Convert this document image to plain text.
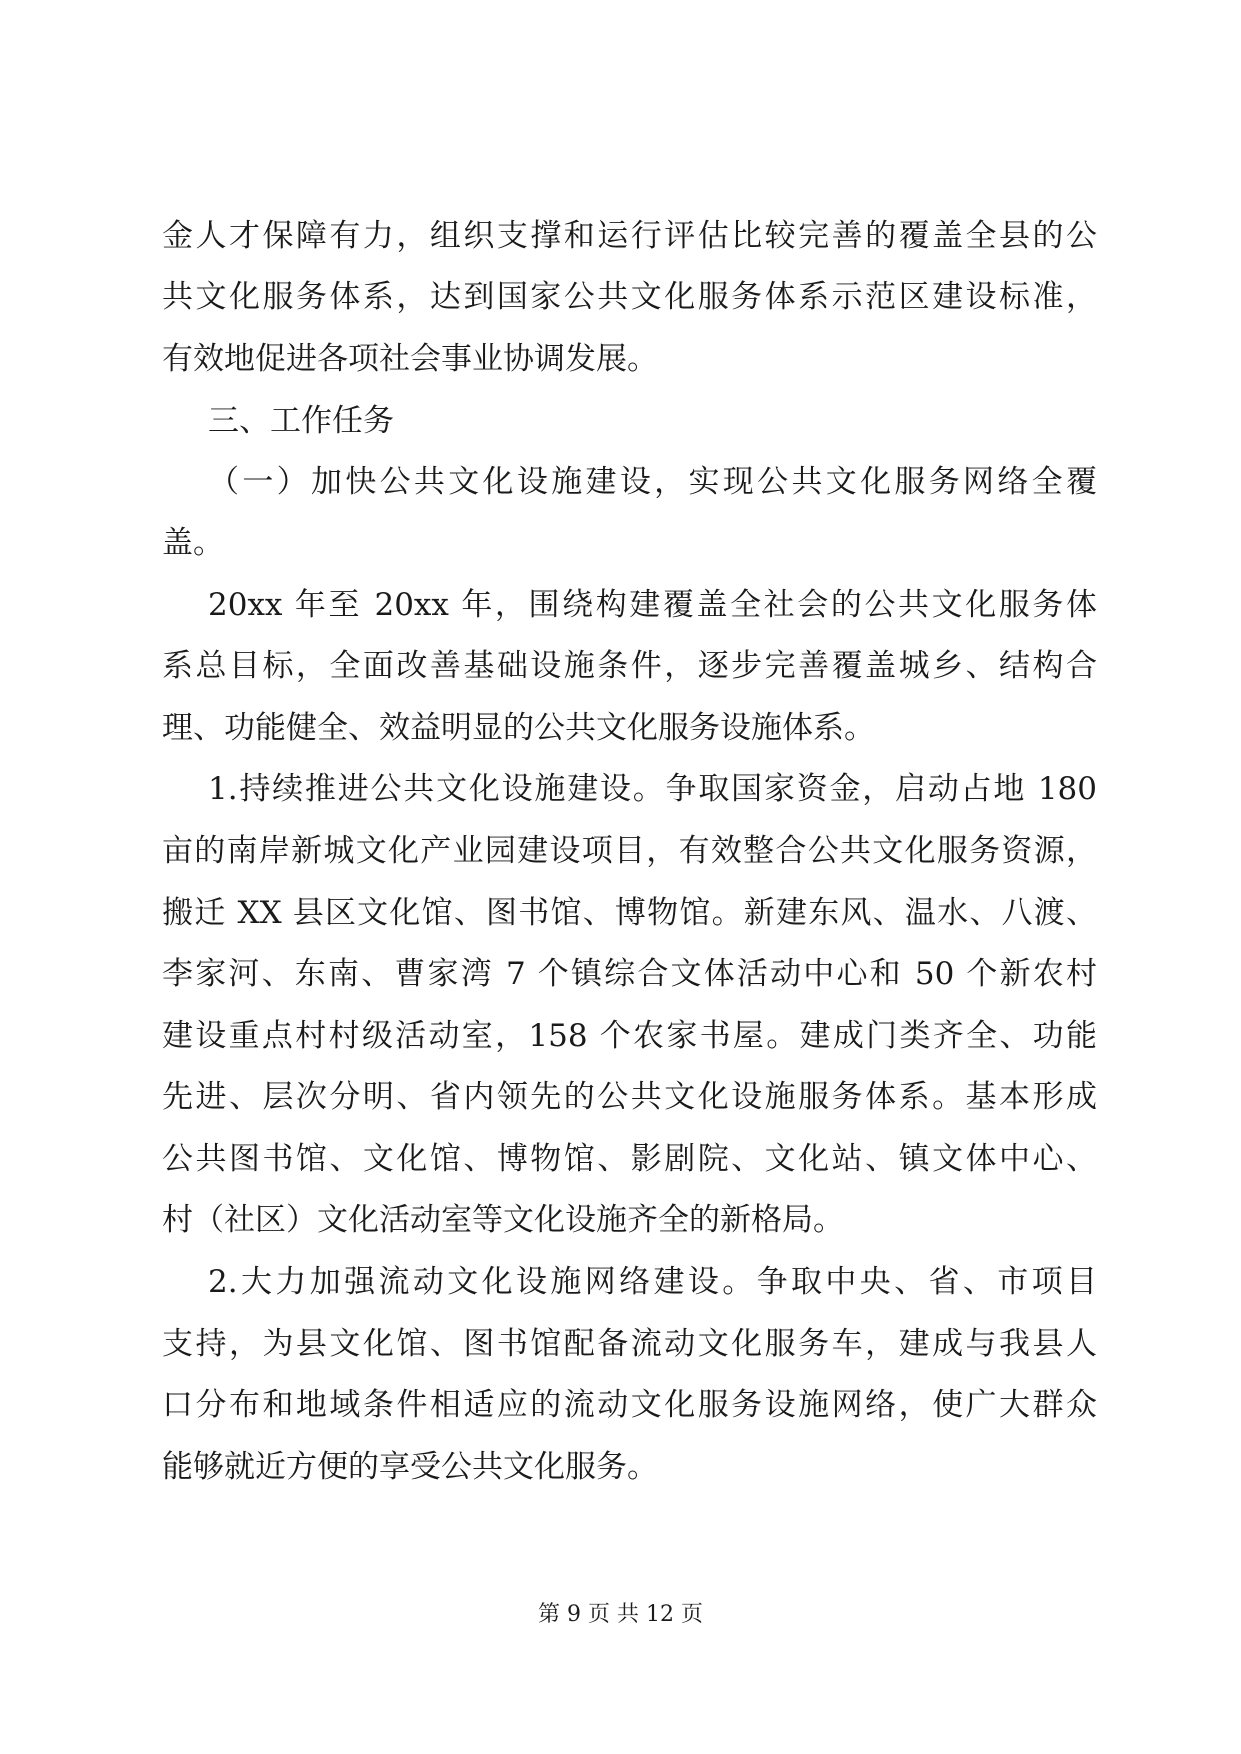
金人才保障有力，组织支撑和运行评估比较完善的覆盖全县的公
共文化服务体系，达到国家公共文化服务体系示范区建设标准，
有效地促进各项社会事业协调发展。
三、工作任务
（一）加快公共文化设施建设，实现公共文化服务网络全覆
盖。
20xx 年至 20xx 年，围绕构建覆盖全社会的公共文化服务体
系总目标，全面改善基础设施条件，逐步完善覆盖城乡、结构合
理、功能健全、效益明显的公共文化服务设施体系。
1.持续推进公共文化设施建设。争取国家资金，启动占地 180
亩的南岸新城文化产业园建设项目，有效整合公共文化服务资源，
搬迁 XX 县区文化馆、图书馆、博物馆。新建东风、温水、八渡、
李家河、东南、曹家湾 7 个镇综合文体活动中心和 50 个新农村
建设重点村村级活动室，158 个农家书屋。建成门类齐全、功能
先进、层次分明、省内领先的公共文化设施服务体系。基本形成
公共图书馆、文化馆、博物馆、影剧院、文化站、镇文体中心、
村（社区）文化活动室等文化设施齐全的新格局。
2.大力加强流动文化设施网络建设。争取中央、省、市项目
支持，为县文化馆、图书馆配备流动文化服务车，建成与我县人
口分布和地域条件相适应的流动文化服务设施网络，使广大群众
能够就近方便的享受公共文化服务。
第 9 页 共 12 页
